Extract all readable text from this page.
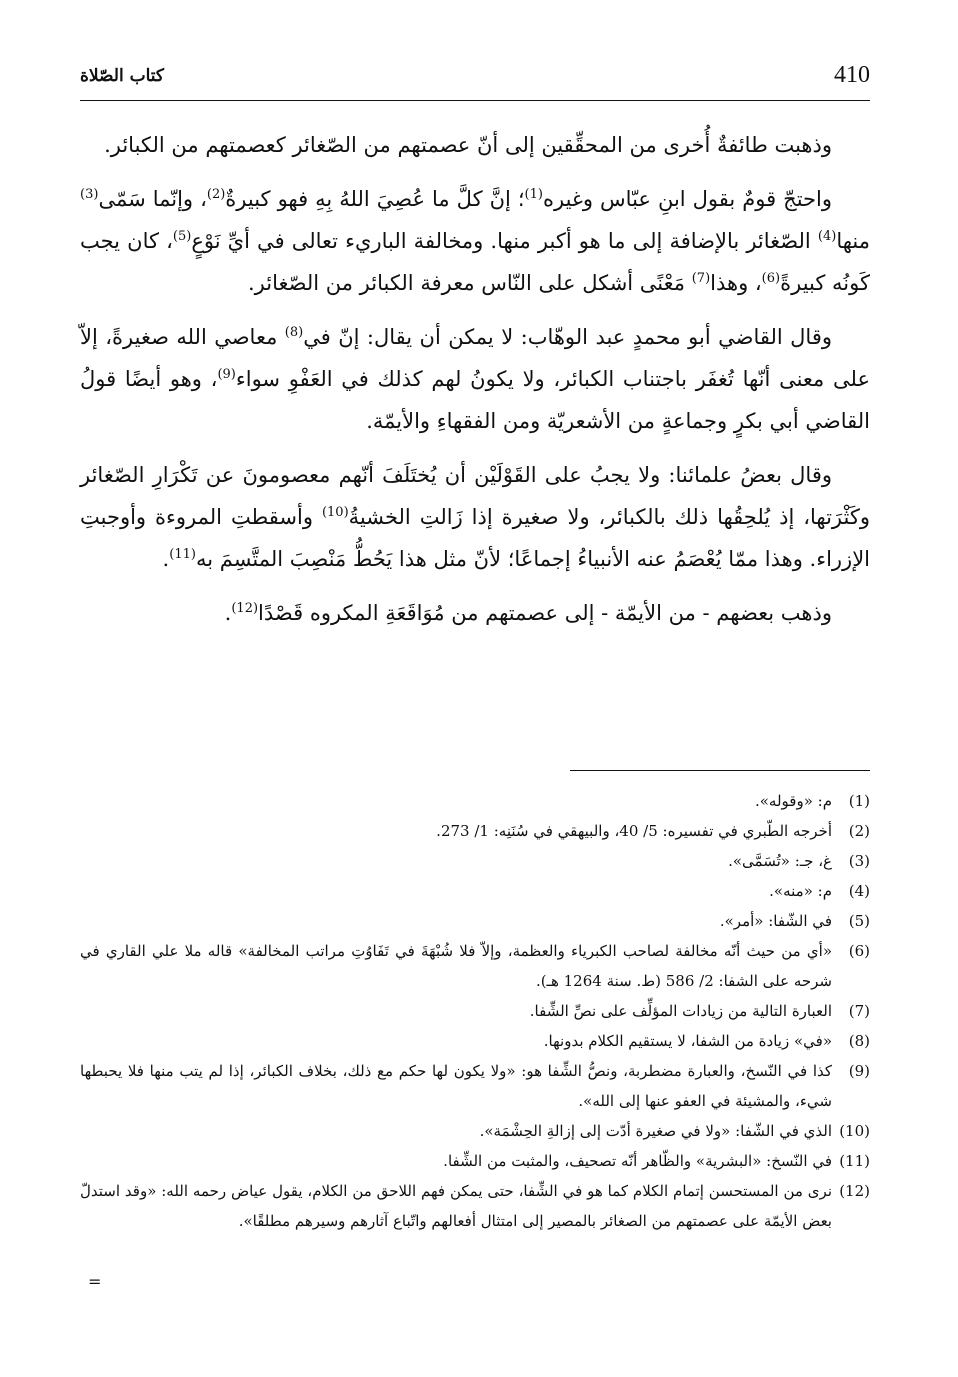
410
كتاب الصّلاة

وذهبت طائفةٌ أُخرى من المحقِّقين إلى أنّ عصمتهم من الصّغائر كعصمتهم من الكبائر.

واحتجّ قومٌ بقول ابنِ عبّاس وغيره$^{(1)}$؛ إنَّ كلَّ ما عُصِيَ اللهُ بِهِ فهو كبيرةٌ$^{(2)}$، وإنّما سَمّى$^{(3)}$ منها$^{(4)}$ الصّغائر بالإضافة إلى ما هو أكبر منها. ومخالفة الباريء تعالى في أيِّ نَوْعٍ$^{(5)}$، كان يجب كَونُه كبيرةً$^{(6)}$، وهذا$^{(7)}$ مَعْنًى أشكل على النّاس معرفة الكبائر من الصّغائر.

وقال القاضي أبو محمدٍ عبد الوهّاب: لا يمكن أن يقال: إنّ في$^{(8)}$ معاصي الله صغيرةً، إلاّ على معنى أنّها تُغفَر باجتناب الكبائر، ولا يكونُ لهم كذلك في العَفْوِ سواء$^{(9)}$، وهو أيضًا قولُ القاضي أبي بكرٍ وجماعةٍ من الأشعريّة ومن الفقهاءِ والأيمّة.

وقال بعضُ علمائنا: ولا يجبُ على القَوْلَيْن أن يُختَلَفَ أنّهم معصومونَ عن تَكْرَارِ الصّغائر وكَثْرَتها، إذ يُلحِقُها ذلك بالكبائر، ولا صغيرة إذا زَالتِ الخشيةُ$^{(10)}$ وأسقطتِ المروءة وأوجبتِ الإزراء. وهذا ممّا يُعْصَمُ عنه الأنبياءُ إجماعًا؛ لأنّ مثل هذا يَحُطُّ مَنْصِبَ المتَّسِمَ به$^{(11)}$.

وذهب بعضهم - من الأيمّة - إلى عصمتهم من مُوَاقَعَةِ المكروه قَصْدًا$^{(12)}$.

(1)
م: «وقوله».
(2)
أخرجه الطّبري في تفسيره: 5/ 40، والبيهقي في سُنَنِه: 1/ 273.
(3)
غ، جـ: «تُسَمَّى».
(4)
م: «منه».
(5)
في الشّفا: «أمر».
(6)
«أي من حيث أنّه مخالفة لصاحب الكبرياء والعظمة، وإلاّ فلا شُبْهَةَ في تَفَاوُتِ مراتب المخالفة» قاله ملا علي القاري في شرحه على الشفا: 2/ 586 (ط. سنة 1264 هـ).
(7)
العبارة التالية من زيادات المؤلِّف على نصِّ الشِّفا.
(8)
«في» زيادة من الشفا، لا يستقيم الكلام بدونها.
(9)
كذا في النّسخ، والعبارة مضطربة، ونصُّ الشِّفا هو: «ولا يكون لها حكم مع ذلك، بخلاف الكبائر، إذا لم يتب منها فلا يحبطها شيء، والمشيئة في العفو عنها إلى الله».
(10)
الذي في الشّفا: «ولا في صغيرة أدّت إلى إزالةِ الحِشْمَة».
(11)
في النّسخ: «البشرية» والظّاهر أنّه تصحيف، والمثبت من الشِّفا.
(12)
نرى من المستحسن إتمام الكلام كما هو في الشِّفا، حتى يمكن فهم اللاحق من الكلام، يقول عياض رحمه الله: «وقد استدلّ بعض الأيمّة على عصمتهم من الصغائر بالمصير إلى امتثال أفعالهم واتّباع آثارهم وسيرهم مطلقًا».
=
